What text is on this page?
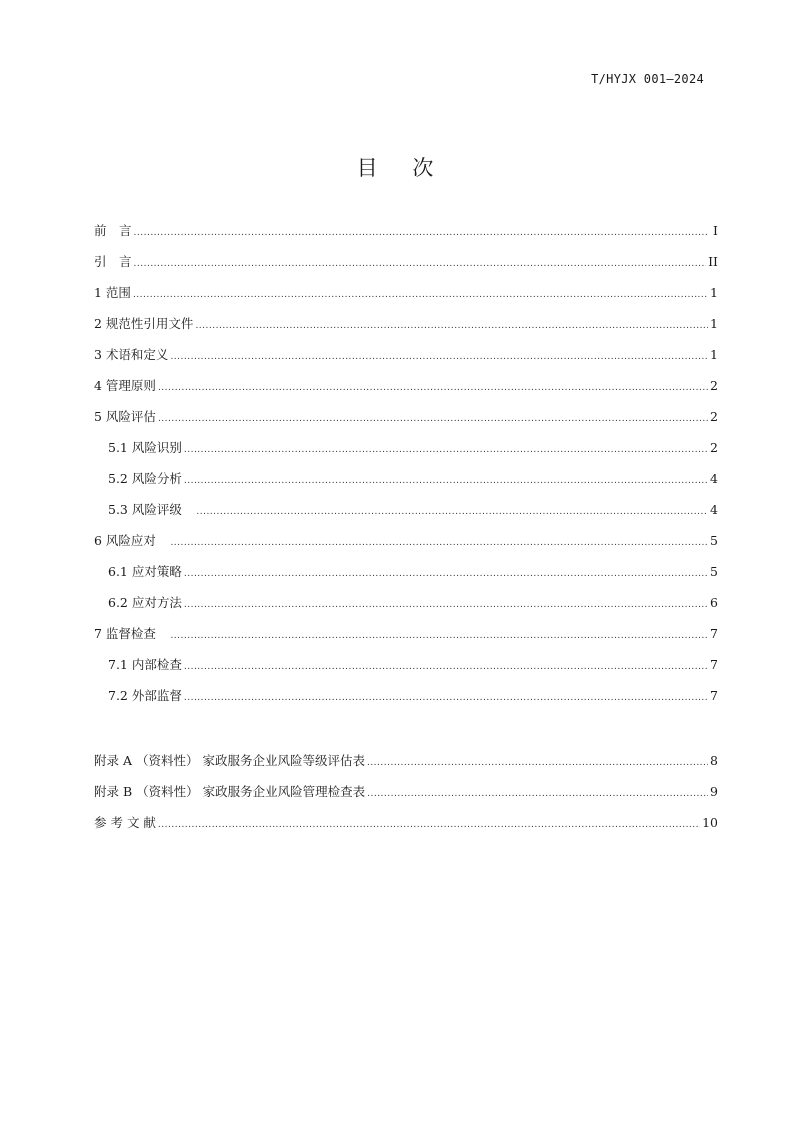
T/HYJX 001—2024
目 次
前　言 .....	I
引　言 .....	II
1 范围 .....	1
2 规范性引用文件 .....	1
3 术语和定义 .....	1
4 管理原则 .....	2
5 风险评估 .....	2
5.1 风险识别 .....	2
5.2 风险分析 .....	4
5.3 风险评级　 .....	4
6 风险应对　 .....	5
6.1 应对策略 .....	5
6.2 应对方法 .....	6
7 监督检查　 .....	7
7.1 内部检查 .....	7
7.2 外部监督 .....	7
附录 A （资料性） 家政服务企业风险等级评估表 .....	8
附录 B （资料性） 家政服务企业风险管理检查表 .....	9
参 考 文 献 .....	10
